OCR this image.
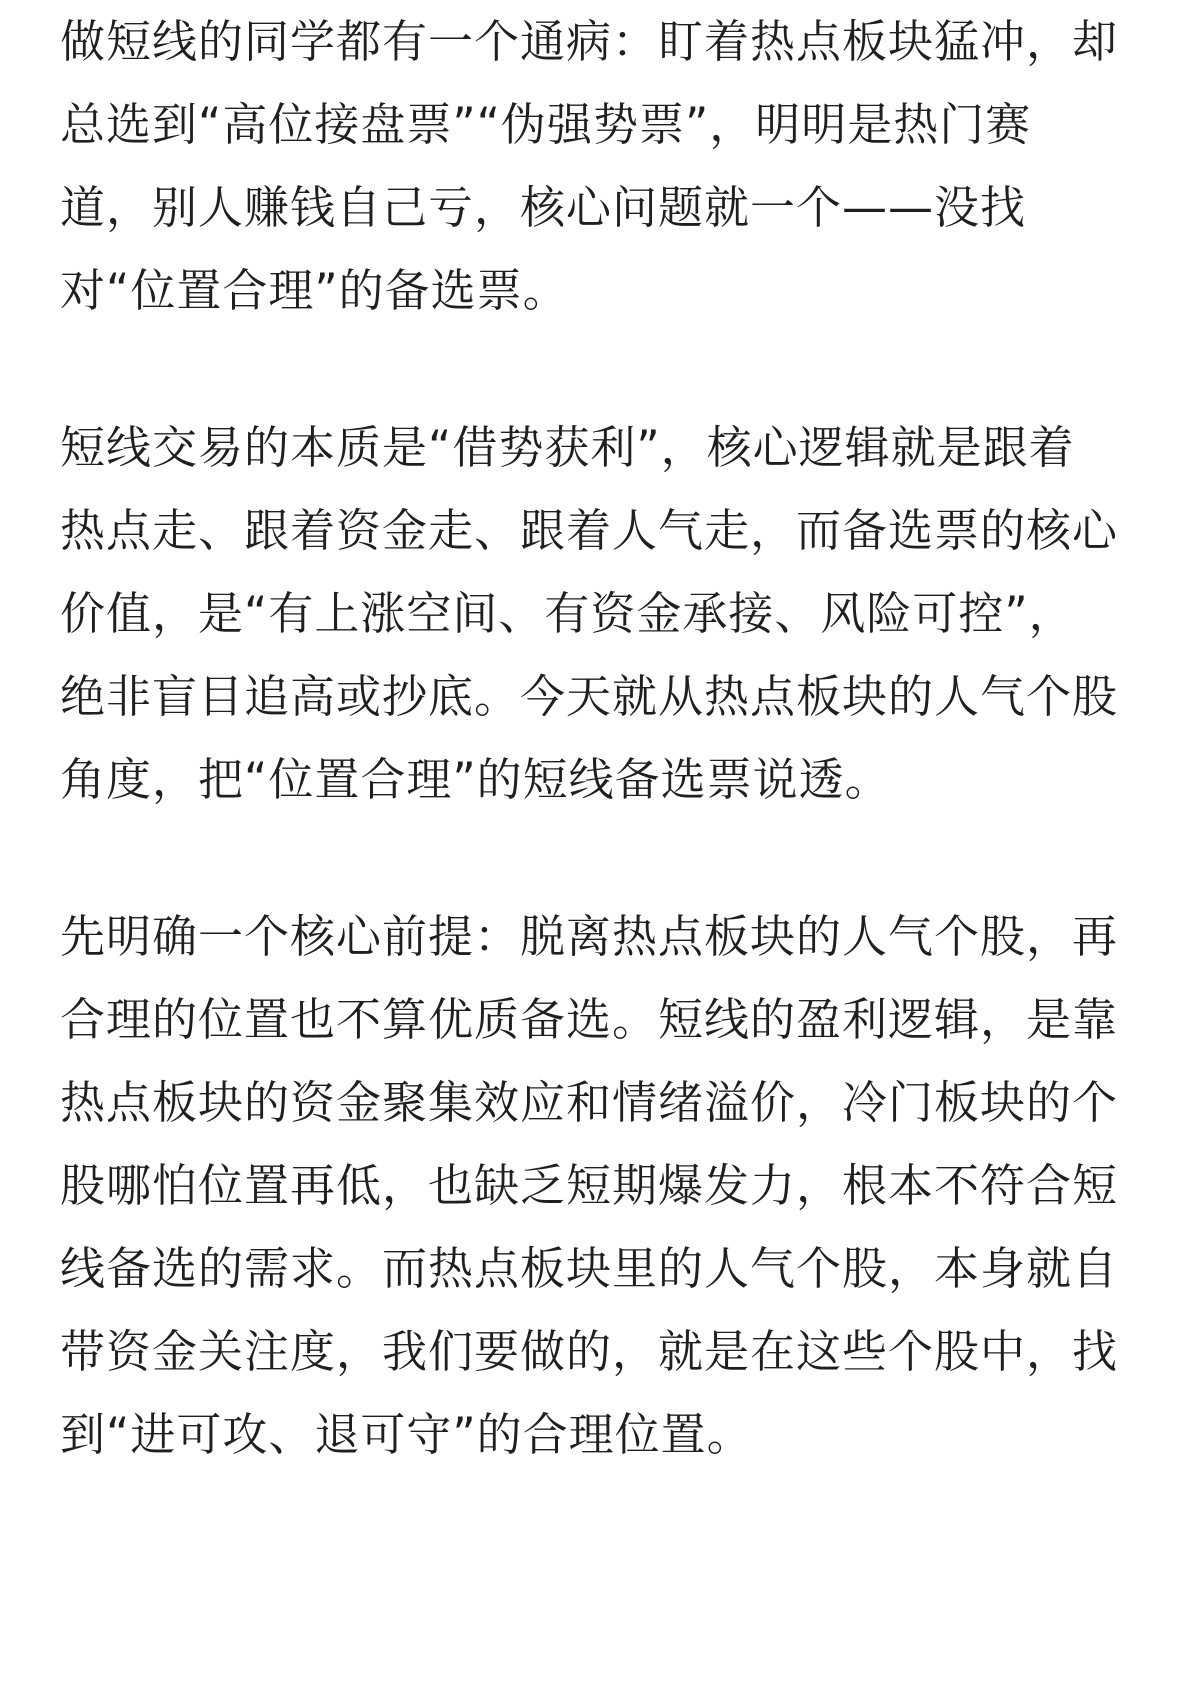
做短线的同学都有一个通病：盯着热点板块猛冲，却总选到“高位接盘票”“伪强势票”，明明是热门赛道，别人赚钱自己亏，核心问题就一个——没找对“位置合理”的备选票。

短线交易的本质是“借势获利”，核心逻辑就是跟着热点走、跟着资金走、跟着人气走，而备选票的核心价值，是“有上涨空间、有资金承接、风险可控”，绝非盲目追高或抄底。今天就从热点板块的人气个股角度，把“位置合理”的短线备选票说透。

先明确一个核心前提：脱离热点板块的人气个股，再合理的位置也不算优质备选。短线的盈利逻辑，是靠热点板块的资金聚集效应和情绪溢价，冷门板块的个股哪怕位置再低，也缺乏短期爆发力，根本不符合短线备选的需求。而热点板块里的人气个股，本身就自带资金关注度，我们要做的，就是在这些个股中，找到“进可攻、退可守”的合理位置。
